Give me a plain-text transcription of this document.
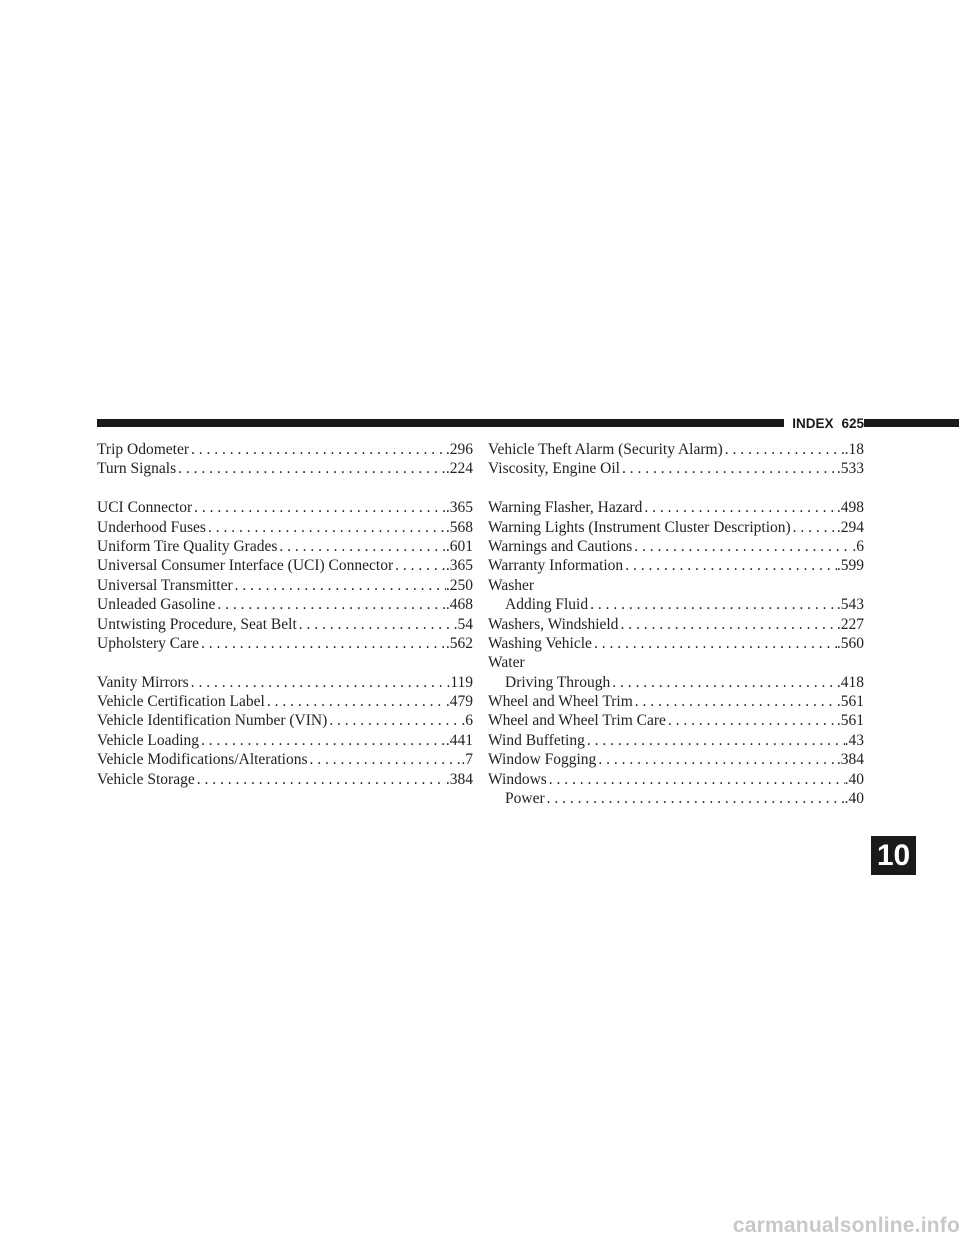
INDEX 625
Trip Odometer . . .	.296
Turn Signals . . .	.224
UCI Connector . . .	.365
Underhood Fuses . . .	.568
Uniform Tire Quality Grades . . .	.601
Universal Consumer Interface (UCI) Connector . . .	.365
Universal Transmitter . . .	.250
Unleaded Gasoline . . .	.468
Untwisting Procedure, Seat Belt . . .	.54
Upholstery Care . . .	.562
Vanity Mirrors . . .	.119
Vehicle Certification Label . . .	.479
Vehicle Identification Number (VIN) . . .	.6
Vehicle Loading . . .	.441
Vehicle Modifications/Alterations . . .	.7
Vehicle Storage . . .	.384
Vehicle Theft Alarm (Security Alarm) . . .	.18
Viscosity, Engine Oil . . .	.533
Warning Flasher, Hazard . . .	.498
Warning Lights (Instrument Cluster Description) . . .	.294
Warnings and Cautions . . .	.6
Warranty Information . . .	.599
Washer
Adding Fluid . . .	.543
Washers, Windshield . . .	.227
Washing Vehicle . . .	.560
Water
Driving Through . . .	.418
Wheel and Wheel Trim . . .	.561
Wheel and Wheel Trim Care . . .	.561
Wind Buffeting . . .	.43
Window Fogging . . .	.384
Windows . . .	.40
Power . . .	.40
10
carmanualsonline.info
